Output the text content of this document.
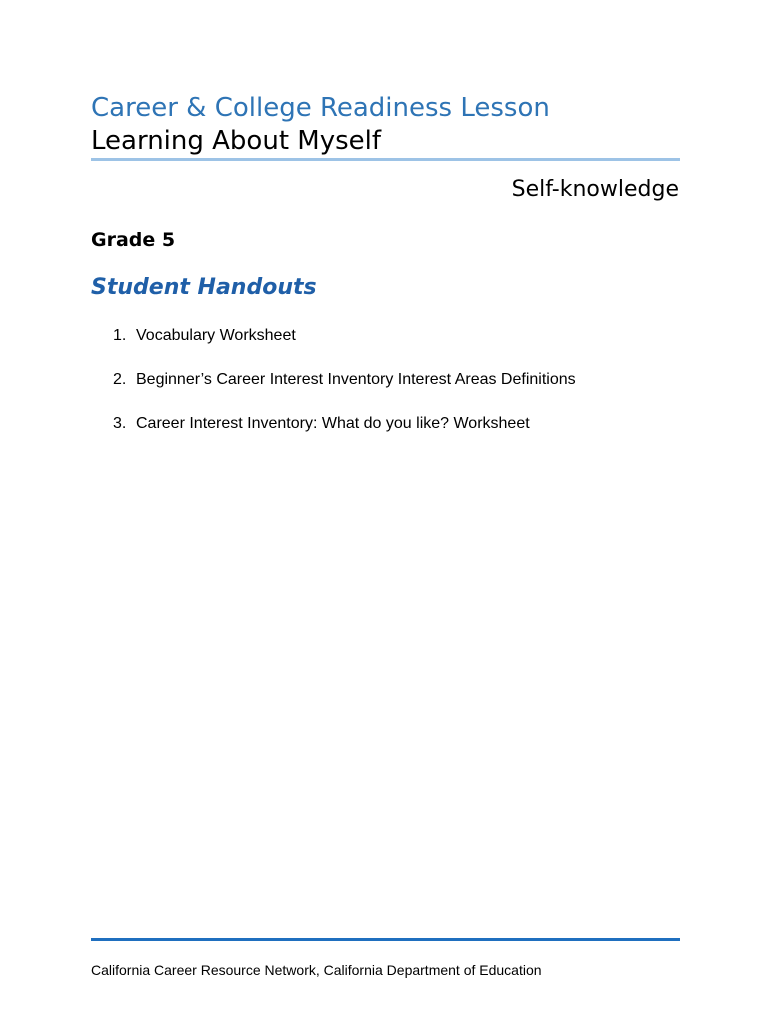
Career & College Readiness Lesson
Learning About Myself

Self-knowledge

Grade 5

Student Handouts
1. Vocabulary Worksheet
2. Beginner’s Career Interest Inventory Interest Areas Definitions
3. Career Interest Inventory: What do you like? Worksheet

California Career Resource Network, California Department of Education
